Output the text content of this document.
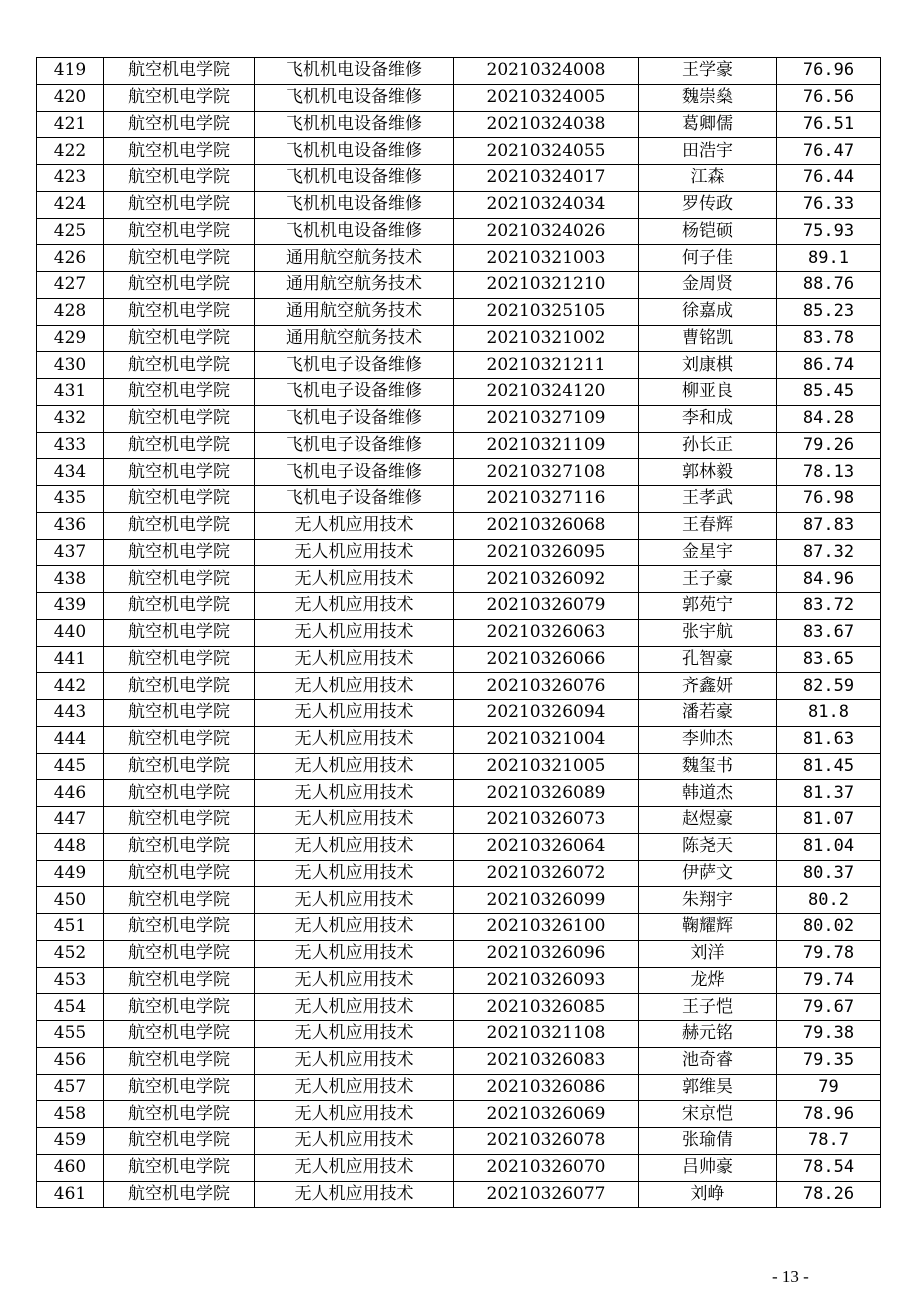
419	航空机电学院	飞机机电设备维修	20210324008	王学豪	76.96
420	航空机电学院	飞机机电设备维修	20210324005	魏崇燊	76.56
421	航空机电学院	飞机机电设备维修	20210324038	葛卿儒	76.51
422	航空机电学院	飞机机电设备维修	20210324055	田浩宇	76.47
423	航空机电学院	飞机机电设备维修	20210324017	江森	76.44
424	航空机电学院	飞机机电设备维修	20210324034	罗传政	76.33
425	航空机电学院	飞机机电设备维修	20210324026	杨铠硕	75.93
426	航空机电学院	通用航空航务技术	20210321003	何子佳	89.1
427	航空机电学院	通用航空航务技术	20210321210	金周贤	88.76
428	航空机电学院	通用航空航务技术	20210325105	徐嘉成	85.23
429	航空机电学院	通用航空航务技术	20210321002	曹铭凯	83.78
430	航空机电学院	飞机电子设备维修	20210321211	刘康棋	86.74
431	航空机电学院	飞机电子设备维修	20210324120	柳亚良	85.45
432	航空机电学院	飞机电子设备维修	20210327109	李和成	84.28
433	航空机电学院	飞机电子设备维修	20210321109	孙长正	79.26
434	航空机电学院	飞机电子设备维修	20210327108	郭林毅	78.13
435	航空机电学院	飞机电子设备维修	20210327116	王孝武	76.98
436	航空机电学院	无人机应用技术	20210326068	王春辉	87.83
437	航空机电学院	无人机应用技术	20210326095	金星宇	87.32
438	航空机电学院	无人机应用技术	20210326092	王子豪	84.96
439	航空机电学院	无人机应用技术	20210326079	郭苑宁	83.72
440	航空机电学院	无人机应用技术	20210326063	张宇航	83.67
441	航空机电学院	无人机应用技术	20210326066	孔智豪	83.65
442	航空机电学院	无人机应用技术	20210326076	齐鑫妍	82.59
443	航空机电学院	无人机应用技术	20210326094	潘若豪	81.8
444	航空机电学院	无人机应用技术	20210321004	李帅杰	81.63
445	航空机电学院	无人机应用技术	20210321005	魏玺书	81.45
446	航空机电学院	无人机应用技术	20210326089	韩道杰	81.37
447	航空机电学院	无人机应用技术	20210326073	赵煜豪	81.07
448	航空机电学院	无人机应用技术	20210326064	陈尧天	81.04
449	航空机电学院	无人机应用技术	20210326072	伊萨文	80.37
450	航空机电学院	无人机应用技术	20210326099	朱翔宇	80.2
451	航空机电学院	无人机应用技术	20210326100	鞠耀辉	80.02
452	航空机电学院	无人机应用技术	20210326096	刘洋	79.78
453	航空机电学院	无人机应用技术	20210326093	龙烨	79.74
454	航空机电学院	无人机应用技术	20210326085	王子恺	79.67
455	航空机电学院	无人机应用技术	20210321108	赫元铭	79.38
456	航空机电学院	无人机应用技术	20210326083	池奇睿	79.35
457	航空机电学院	无人机应用技术	20210326086	郭维昊	79
458	航空机电学院	无人机应用技术	20210326069	宋京恺	78.96
459	航空机电学院	无人机应用技术	20210326078	张瑜倩	78.7
460	航空机电学院	无人机应用技术	20210326070	吕帅豪	78.54
461	航空机电学院	无人机应用技术	20210326077	刘峥	78.26
- 13 -
